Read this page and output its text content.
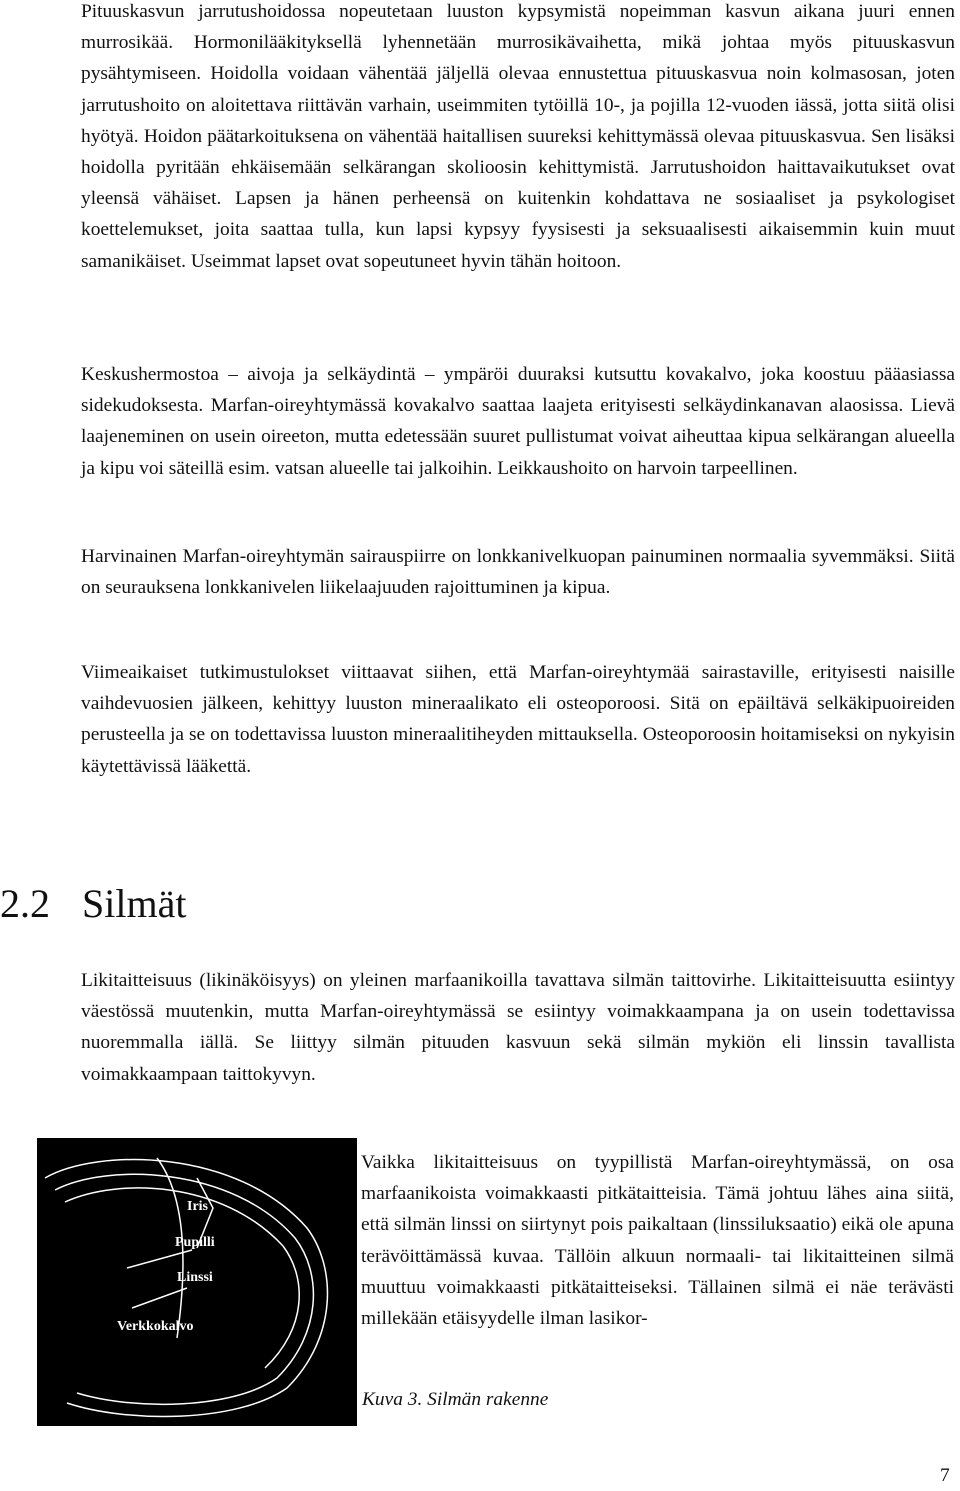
Pituuskasvun jarrutushoidossa nopeutetaan luuston kypsymistä nopeimman kasvun aikana juuri ennen murrosikää. Hormonilääkityksellä lyhennetään murrosikävaihetta, mikä johtaa myös pituuskasvun pysähtymiseen. Hoidolla voidaan vähentää jäljellä olevaa ennustettua pituuskasvua noin kolmasosan, joten jarrutushoito on aloitettava riittävän varhain, useimmiten tytöillä 10-, ja pojilla 12-vuoden iässä, jotta siitä olisi hyötyä. Hoidon päätarkoituksena on vähentää haitallisen suureksi kehittymässä olevaa pituuskasvua. Sen lisäksi hoidolla pyritään ehkäisemään selkärangan skolioosin kehittymistä. Jarrutushoidon haittavaikutukset ovat yleensä vähäiset. Lapsen ja hänen perheensä on kuitenkin kohdattava ne sosiaaliset ja psykologiset koettelemukset, joita saattaa tulla, kun lapsi kypsyy fyysisesti ja seksuaalisesti aikaisemmin kuin muut samanikäiset. Useimmat lapset ovat sopeutuneet hyvin tähän hoitoon.

Keskushermostoa – aivoja ja selkäydintä – ympäröi duuraksi kutsuttu kovakalvo, joka koostuu pääasiassa sidekudoksesta. Marfan-oireyhtymässä kovakalvo saattaa laajeta erityisesti selkäydinkanavan alaosissa. Lievä laajeneminen on usein oireeton, mutta edetessään suuret pullistumat voivat aiheuttaa kipua selkärangan alueella ja kipu voi säteillä esim. vatsan alueelle tai jalkoihin. Leikkaushoito on harvoin tarpeellinen.

Harvinainen Marfan-oireyhtymän sairauspiirre on lonkkanivelkuopan painuminen normaalia syvemmäksi. Siitä on seurauksena lonkkanivelen liikelaajuuden rajoittuminen ja kipua.

Viimeaikaiset tutkimustulokset viittaavat siihen, että Marfan-oireyhtymää sairastaville, erityisesti naisille vaihdevuosien jälkeen, kehittyy luuston mineraalikato eli osteoporoosi. Sitä on epäiltävä selkäkipuoireiden perusteella ja se on todettavissa luuston mineraalitiheyden mittauksella. Osteoporoosin hoitamiseksi on nykyisin käytettävissä lääkettä.

2.2 Silmät

Likitaitteisuus (likinäköisyys) on yleinen marfaanikoilla tavattava silmän taittovirhe. Likitaitteisuutta esiintyy väestössä muutenkin, mutta Marfan-oireyhtymässä se esiintyy voimakkaampana ja on usein todettavissa nuoremmalla iällä. Se liittyy silmän pituuden kasvuun sekä silmän mykiön eli linssin tavallista voimakkaampaan taittokyvyn.

Iris
Pupilli
Linssi
Verkkokalvo

Vaikka likitaitteisuus on tyypillistä Marfan-oireyhtymässä, on osa marfaanikoista voimakkaasti pitkätaitteisia. Tämä johtuu lähes aina siitä, että silmän linssi on siirtynyt pois paikaltaan (linssiluksaatio) eikä ole apuna terävöittämässä kuvaa. Tällöin alkuun normaali- tai likitaitteinen silmä muuttuu voimakkaasti pitkätaitteiseksi. Tällainen silmä ei näe terävästi millekään etäisyydelle ilman lasikor-

Kuva 3. Silmän rakenne
7
